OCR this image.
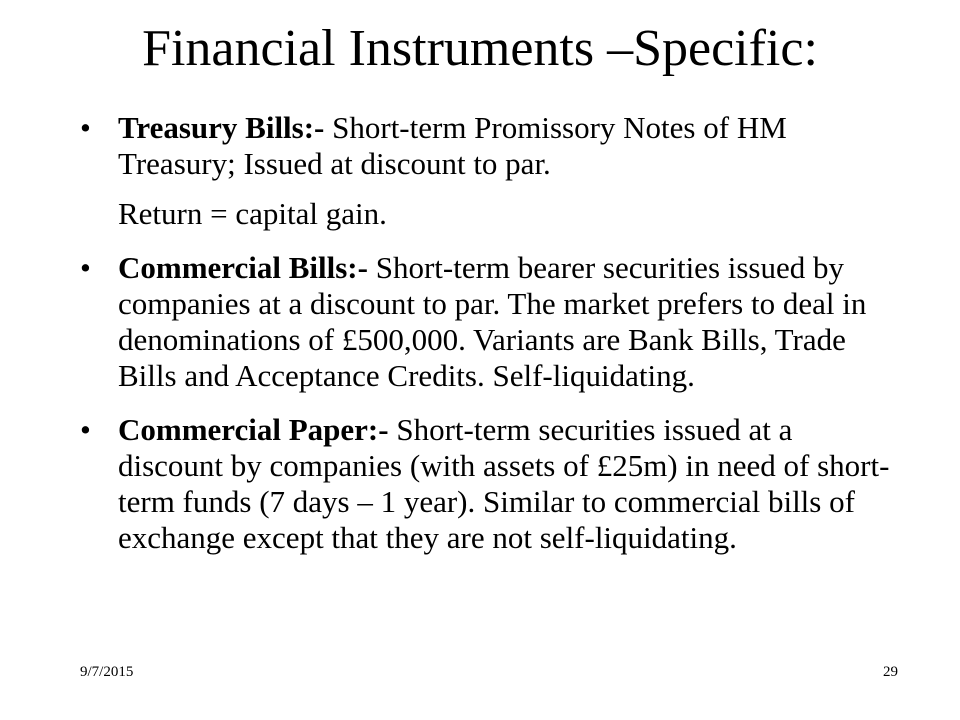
Financial Instruments –Specific:
• Treasury Bills:- Short-term Promissory Notes of HM Treasury; Issued at discount to par.
Return = capital gain.
• Commercial Bills:- Short-term bearer securities issued by companies at a discount to par. The market prefers to deal in denominations of £500,000. Variants are Bank Bills, Trade Bills and Acceptance Credits. Self-liquidating.
• Commercial Paper:- Short-term securities issued at a discount by companies (with assets of £25m) in need of short-term funds (7 days – 1 year). Similar to commercial bills of exchange except that they are not self-liquidating.
9/7/2015	29
